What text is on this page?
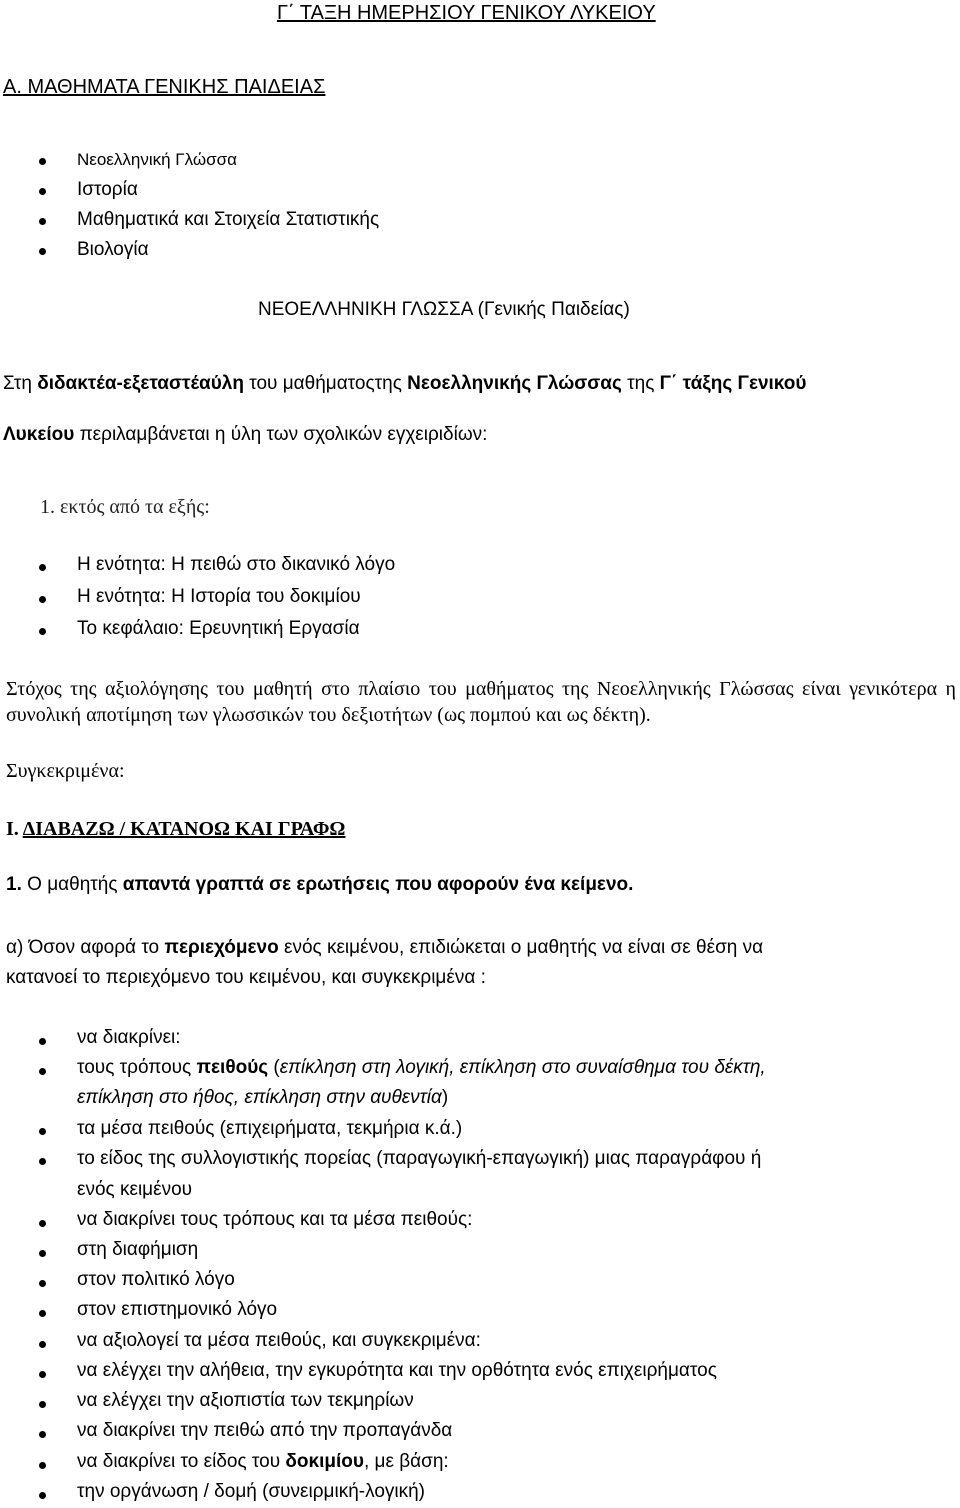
Γ΄ ΤΑΞΗ ΗΜΕΡΗΣΙΟΥ ΓΕΝΙΚΟΥ ΛΥΚΕΙΟΥ
Α. ΜΑΘΗΜΑΤΑ ΓΕΝΙΚΗΣ ΠΑΙΔΕΙΑΣ
Νεοελληνική Γλώσσα
Ιστορία
Μαθηματικά και Στοιχεία Στατιστικής
Βιολογία
ΝΕΟΕΛΛΗΝΙΚΗ ΓΛΩΣΣΑ (Γενικής Παιδείας)
Στη διδακτέα-εξεταστέαύλη του μαθήματοςτης Νεοελληνικής Γλώσσας της Γ΄ τάξης Γενικού
Λυκείου περιλαμβάνεται η ύλη των σχολικών εγχειριδίων:
1. εκτός από τα εξής:
Η ενότητα: Η πειθώ στο δικανικό λόγο
Η ενότητα: Η Ιστορία του δοκιμίου
Το κεφάλαιο: Ερευνητική Εργασία
Στόχος της αξιολόγησης του μαθητή στο πλαίσιο του μαθήματος της Νεοελληνικής Γλώσσας είναι γενικότερα η συνολική αποτίμηση των γλωσσικών του δεξιοτήτων (ως πομπού και ως δέκτη).
Συγκεκριμένα:
Ι. ΔΙΑΒΑΖΩ / ΚΑΤΑΝΟΩ ΚΑΙ ΓΡΑΦΩ
1. Ο μαθητής απαντά γραπτά σε ερωτήσεις που αφορούν ένα κείμενο.
α) Όσον αφορά το περιεχόμενο ενός κειμένου, επιδιώκεται ο μαθητής να είναι σε θέση να
κατανοεί το περιεχόμενο του κειμένου, και συγκεκριμένα :
να διακρίνει:
τους τρόπους πειθούς (επίκληση στη λογική, επίκληση στο συναίσθημα του δέκτη,
επίκληση στο ήθος, επίκληση στην αυθεντία)
τα μέσα πειθούς (επιχειρήματα, τεκμήρια κ.ά.)
το είδος της συλλογιστικής πορείας (παραγωγική-επαγωγική) μιας παραγράφου ή
ενός κειμένου
να διακρίνει τους τρόπους και τα μέσα πειθούς:
στη διαφήμιση
στον πολιτικό λόγο
στον επιστημονικό λόγο
να αξιολογεί τα μέσα πειθούς, και συγκεκριμένα:
να ελέγχει την αλήθεια, την εγκυρότητα και την ορθότητα ενός επιχειρήματος
να ελέγχει την αξιοπιστία των τεκμηρίων
να διακρίνει την πειθώ από την προπαγάνδα
να διακρίνει το είδος του δοκιμίου, με βάση:
την οργάνωση / δομή (συνειρμική-λογική)
